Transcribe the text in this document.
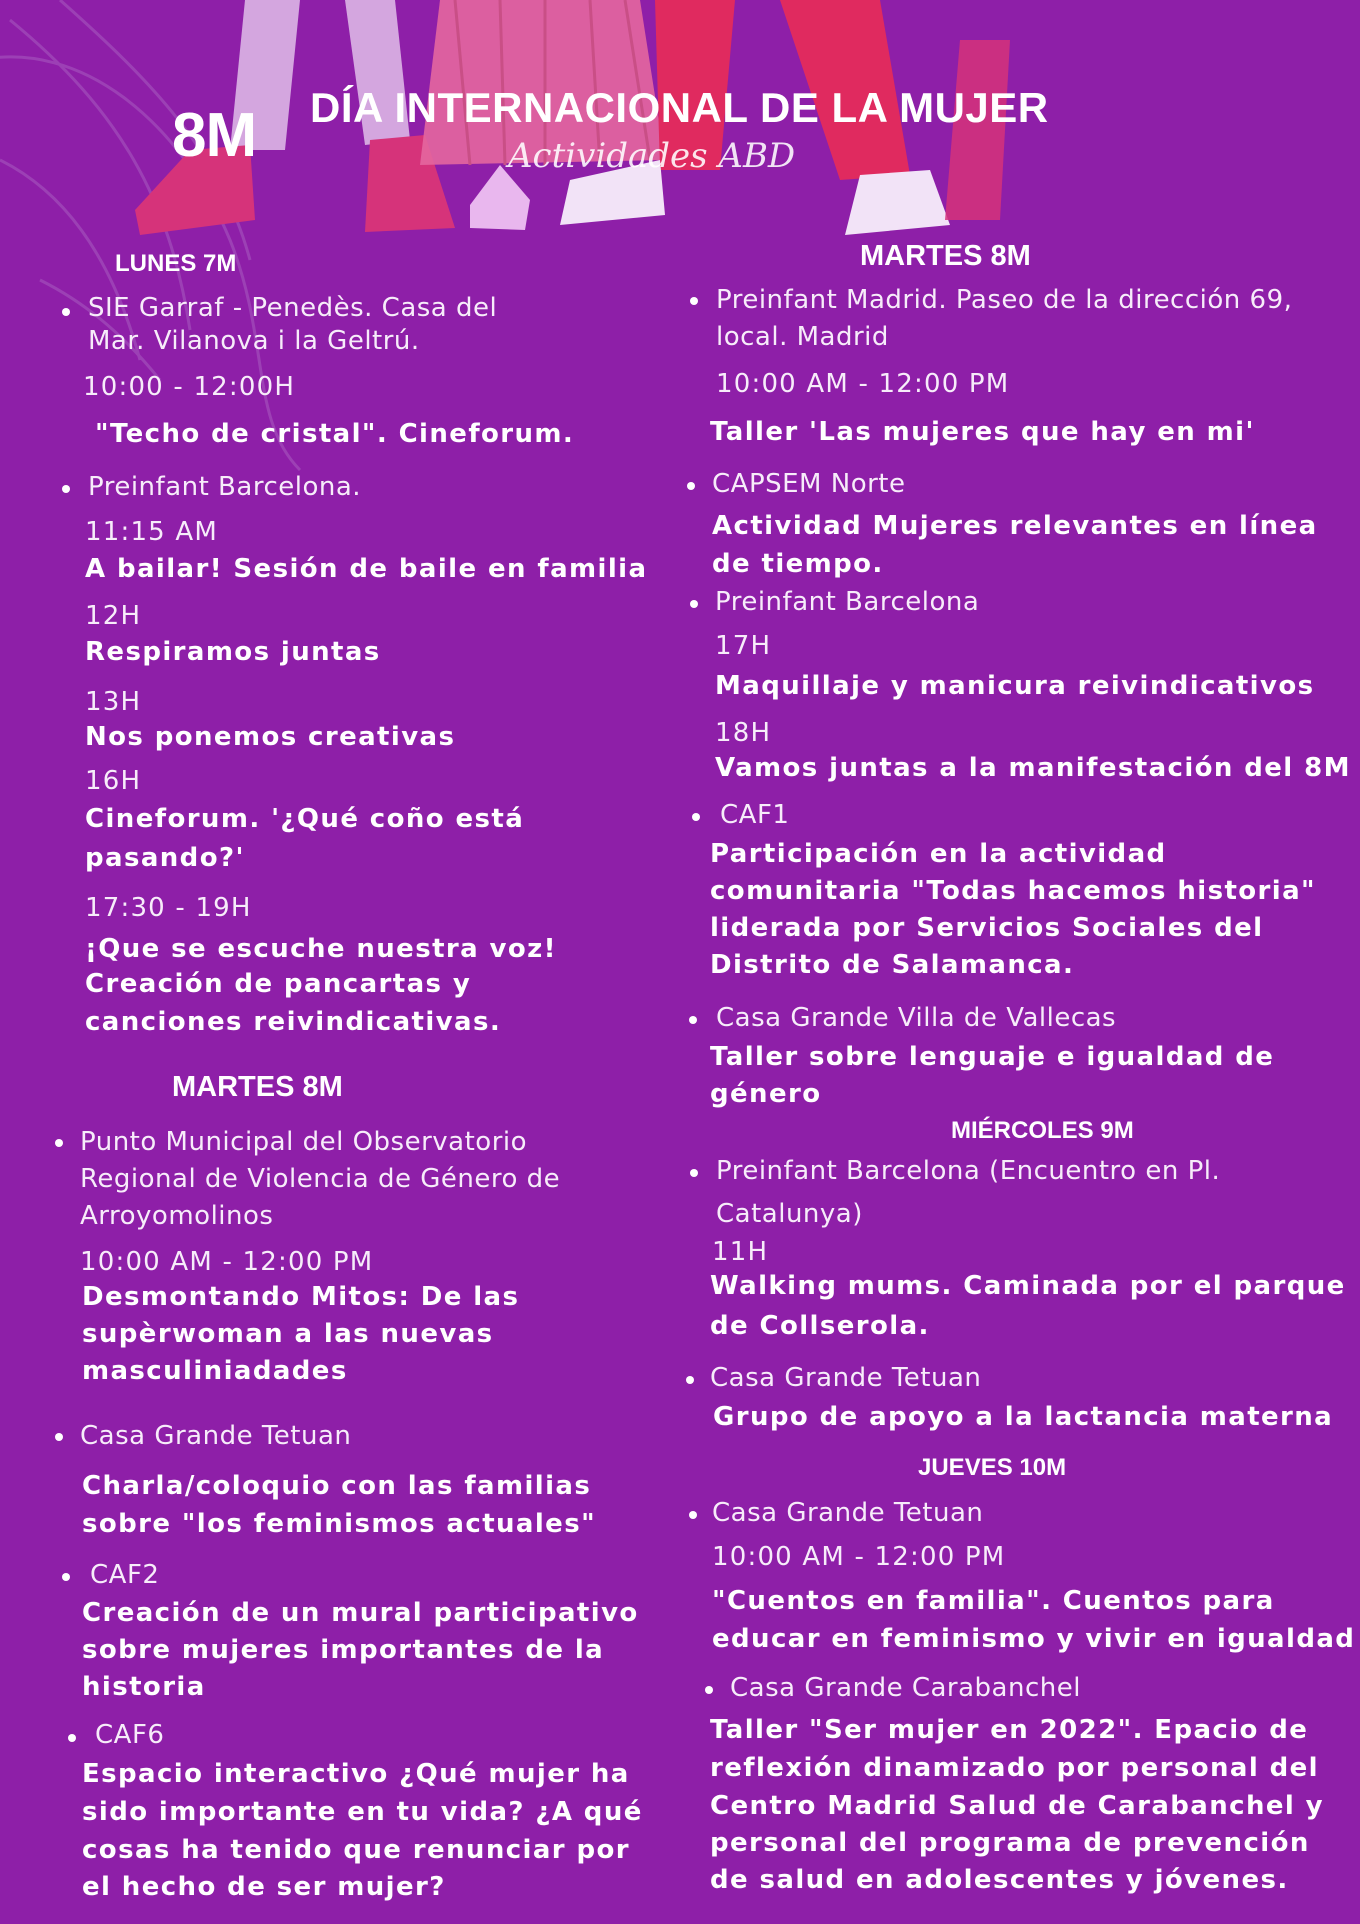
8M DÍA INTERNACIONAL DE LA MUJER
Actividades ABD
LUNES 7M
SIE Garraf - Penedès. Casa del
Mar. Vilanova i la Geltrú.
10:00 - 12:00H
"Techo de cristal". Cineforum.
Preinfant Barcelona.
11:15 AM
A bailar! Sesión de baile en familia
12H
Respiramos juntas
13H
Nos ponemos creativas
16H
Cineforum. '¿Qué coño está
pasando?'
17:30 - 19H
¡Que se escuche nuestra voz!
Creación de pancartas y
canciones reivindicativas.
MARTES 8M
Punto Municipal del Observatorio
Regional de Violencia de Género de
Arroyomolinos
10:00 AM - 12:00 PM
Desmontando Mitos: De las
supèrwoman a las nuevas
masculiniadades
Casa Grande Tetuan
Charla/coloquio con las familias
sobre "los feminismos actuales"
CAF2
Creación de un mural participativo
sobre mujeres importantes de la
historia
CAF6
Espacio interactivo ¿Qué mujer ha
sido importante en tu vida? ¿A qué
cosas ha tenido que renunciar por
el hecho de ser mujer?
MARTES 8M
Preinfant Madrid. Paseo de la dirección 69,
local. Madrid
10:00 AM - 12:00 PM
Taller 'Las mujeres que hay en mi'
CAPSEM Norte
Actividad Mujeres relevantes en línea
de tiempo.
Preinfant Barcelona
17H
Maquillaje y manicura reivindicativos
18H
Vamos juntas a la manifestación del 8M
CAF1
Participación en la actividad
comunitaria "Todas hacemos historia"
liderada por Servicios Sociales del
Distrito de Salamanca.
Casa Grande Villa de Vallecas
Taller sobre lenguaje e igualdad de
género
MIÉRCOLES 9M
Preinfant Barcelona (Encuentro en Pl.
Catalunya)
11H
Walking mums. Caminada por el parque
de Collserola.
Casa Grande Tetuan
Grupo de apoyo a la lactancia materna
JUEVES 10M
Casa Grande Tetuan
10:00 AM - 12:00 PM
"Cuentos en familia". Cuentos para
educar en feminismo y vivir en igualdad
Casa Grande Carabanchel
Taller "Ser mujer en 2022". Epacio de
reflexión dinamizado por personal del
Centro Madrid Salud de Carabanchel y
personal del programa de prevención
de salud en adolescentes y jóvenes.
